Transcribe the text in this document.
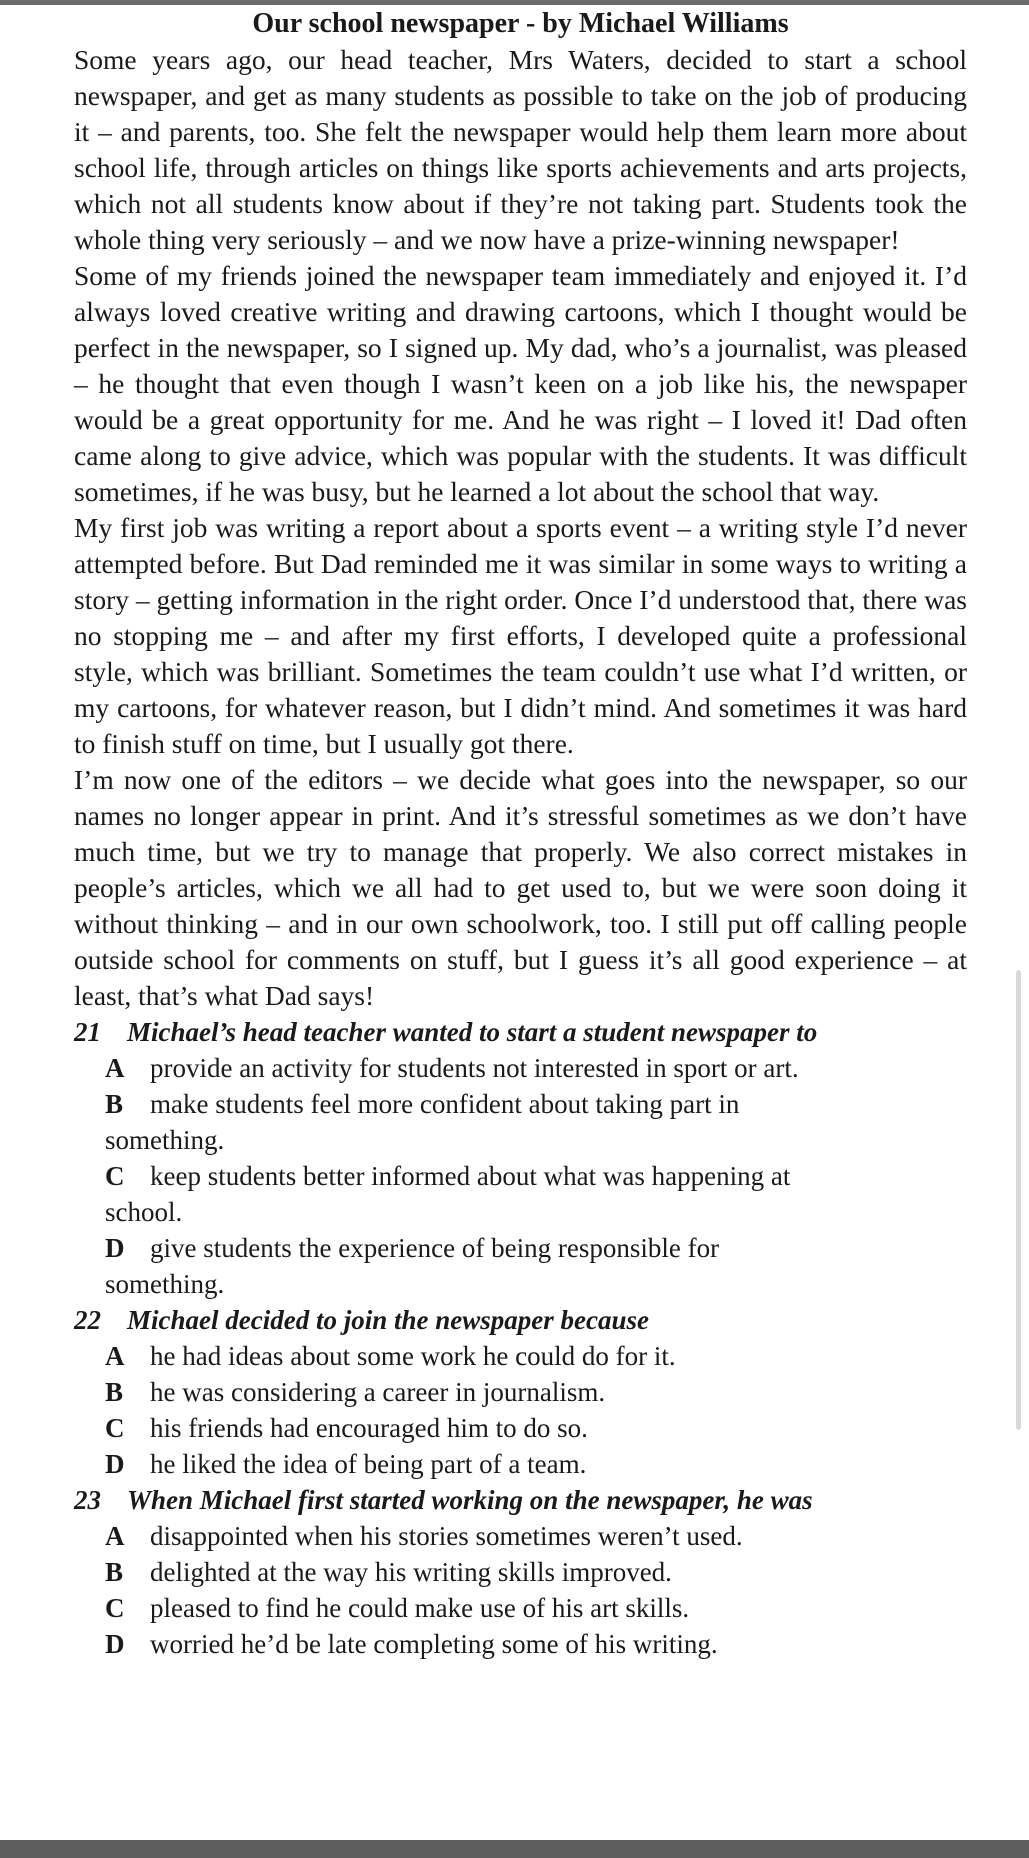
Our school newspaper - by Michael Williams

Some years ago, our head teacher, Mrs Waters, decided to start a school newspaper, and get as many students as possible to take on the job of producing it – and parents, too. She felt the newspaper would help them learn more about school life, through articles on things like sports achievements and arts projects, which not all students know about if they’re not taking part. Students took the whole thing very seriously – and we now have a prize-winning newspaper!

Some of my friends joined the newspaper team immediately and enjoyed it. I’d always loved creative writing and drawing cartoons, which I thought would be perfect in the newspaper, so I signed up. My dad, who’s a journalist, was pleased – he thought that even though I wasn’t keen on a job like his, the newspaper would be a great opportunity for me. And he was right – I loved it! Dad often came along to give advice, which was popular with the students. It was difficult sometimes, if he was busy, but he learned a lot about the school that way.

My first job was writing a report about a sports event – a writing style I’d never attempted before. But Dad reminded me it was similar in some ways to writing a story – getting information in the right order. Once I’d understood that, there was no stopping me – and after my first efforts, I developed quite a professional style, which was brilliant. Sometimes the team couldn’t use what I’d written, or my cartoons, for whatever reason, but I didn’t mind. And sometimes it was hard to finish stuff on time, but I usually got there.

I’m now one of the editors – we decide what goes into the newspaper, so our names no longer appear in print. And it’s stressful sometimes as we don’t have much time, but we try to manage that properly. We also correct mistakes in people’s articles, which we all had to get used to, but we were soon doing it without thinking – and in our own schoolwork, too. I still put off calling people outside school for comments on stuff, but I guess it’s all good experience – at least, that’s what Dad says!

21 Michael’s head teacher wanted to start a student newspaper to

A provide an activity for students not interested in sport or art.

B make students feel more confident about taking part in something.

C keep students better informed about what was happening at school.

D give students the experience of being responsible for something.

22 Michael decided to join the newspaper because

A he had ideas about some work he could do for it.

B he was considering a career in journalism.

C his friends had encouraged him to do so.

D he liked the idea of being part of a team.

23 When Michael first started working on the newspaper, he was

A disappointed when his stories sometimes weren’t used.

B delighted at the way his writing skills improved.

C pleased to find he could make use of his art skills.

D worried he’d be late completing some of his writing.
